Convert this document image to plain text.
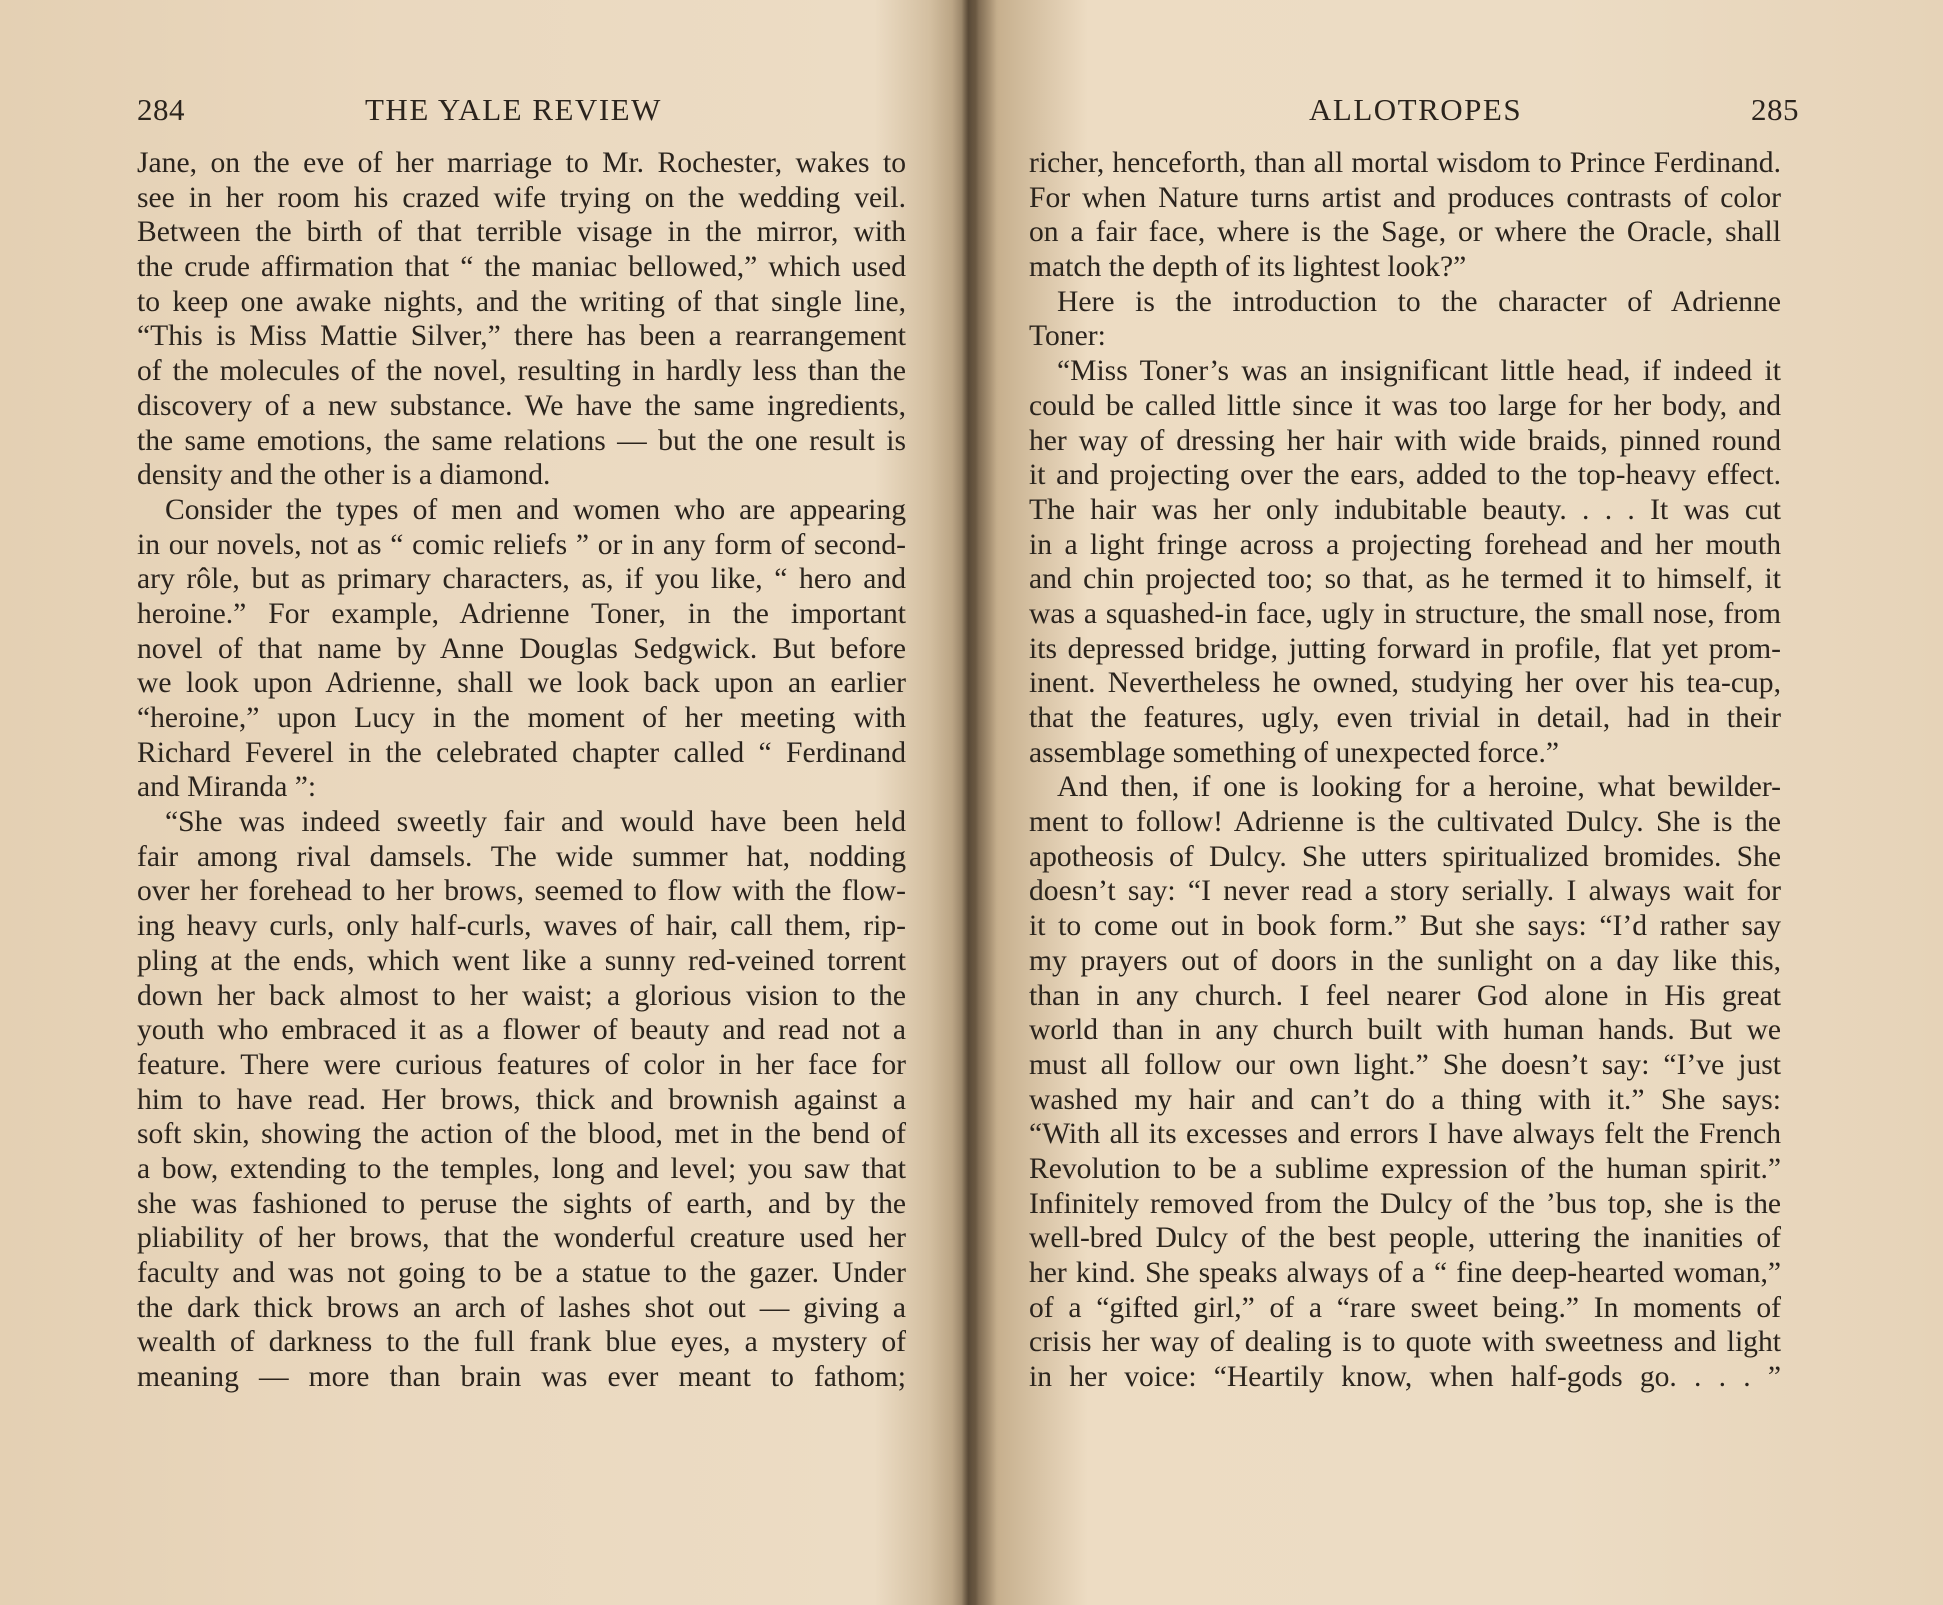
284	THE YALE REVIEW
Jane, on the eve of her marriage to Mr. Rochester, wakes to
see in her room his crazed wife trying on the wedding veil.
Between the birth of that terrible visage in the mirror, with
the crude affirmation that “ the maniac bellowed,” which used
to keep one awake nights, and the writing of that single line,
“This is Miss Mattie Silver,” there has been a rearrangement
of the molecules of the novel, resulting in hardly less than the
discovery of a new substance. We have the same ingredients,
the same emotions, the same relations — but the one result is
density and the other is a diamond.
Consider the types of men and women who are appearing
in our novels, not as “ comic reliefs ” or in any form of second-
ary rôle, but as primary characters, as, if you like, “ hero and
heroine.” For example, Adrienne Toner, in the important
novel of that name by Anne Douglas Sedgwick. But before
we look upon Adrienne, shall we look back upon an earlier
“heroine,” upon Lucy in the moment of her meeting with
Richard Feverel in the celebrated chapter called “ Ferdinand
and Miranda ”:
“She was indeed sweetly fair and would have been held
fair among rival damsels. The wide summer hat, nodding
over her forehead to her brows, seemed to flow with the flow-
ing heavy curls, only half-curls, waves of hair, call them, rip-
pling at the ends, which went like a sunny red-veined torrent
down her back almost to her waist; a glorious vision to the
youth who embraced it as a flower of beauty and read not a
feature. There were curious features of color in her face for
him to have read. Her brows, thick and brownish against a
soft skin, showing the action of the blood, met in the bend of
a bow, extending to the temples, long and level; you saw that
she was fashioned to peruse the sights of earth, and by the
pliability of her brows, that the wonderful creature used her
faculty and was not going to be a statue to the gazer. Under
the dark thick brows an arch of lashes shot out — giving a
wealth of darkness to the full frank blue eyes, a mystery of
meaning — more than brain was ever meant to fathom;
ALLOTROPES	285
richer, henceforth, than all mortal wisdom to Prince Ferdinand.
For when Nature turns artist and produces contrasts of color
on a fair face, where is the Sage, or where the Oracle, shall
match the depth of its lightest look?”
Here is the introduction to the character of Adrienne
Toner:
“Miss Toner’s was an insignificant little head, if indeed it
could be called little since it was too large for her body, and
her way of dressing her hair with wide braids, pinned round
it and projecting over the ears, added to the top-heavy effect.
The hair was her only indubitable beauty. . . . It was cut
in a light fringe across a projecting forehead and her mouth
and chin projected too; so that, as he termed it to himself, it
was a squashed-in face, ugly in structure, the small nose, from
its depressed bridge, jutting forward in profile, flat yet prom-
inent. Nevertheless he owned, studying her over his tea-cup,
that the features, ugly, even trivial in detail, had in their
assemblage something of unexpected force.”
And then, if one is looking for a heroine, what bewilder-
ment to follow! Adrienne is the cultivated Dulcy. She is the
apotheosis of Dulcy. She utters spiritualized bromides. She
doesn’t say: “I never read a story serially. I always wait for
it to come out in book form.” But she says: “I’d rather say
my prayers out of doors in the sunlight on a day like this,
than in any church. I feel nearer God alone in His great
world than in any church built with human hands. But we
must all follow our own light.” She doesn’t say: “I’ve just
washed my hair and can’t do a thing with it.” She says:
“With all its excesses and errors I have always felt the French
Revolution to be a sublime expression of the human spirit.”
Infinitely removed from the Dulcy of the ’bus top, she is the
well-bred Dulcy of the best people, uttering the inanities of
her kind. She speaks always of a “ fine deep-hearted woman,”
of a “gifted girl,” of a “rare sweet being.” In moments of
crisis her way of dealing is to quote with sweetness and light
in her voice: “Heartily know, when half-gods go. . . . ”
